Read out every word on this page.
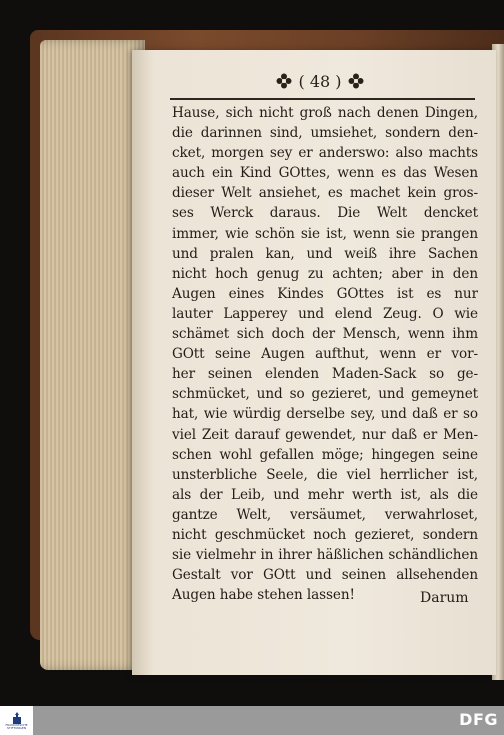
( 48 )
Hause, sich nicht groß nach denen Dingen,
die darinnen sind, umsiehet, sondern den-
cket, morgen sey er anderswo: also machts
auch ein Kind GOttes, wenn es das Wesen
dieser Welt ansiehet, es machet kein gros-
ses Werck daraus. Die Welt dencket
immer, wie schön sie ist, wenn sie prangen
und pralen kan, und weiß ihre Sachen
nicht hoch genug zu achten; aber in den
Augen eines Kindes GOttes ist es nur
lauter Lapperey und elend Zeug. O wie
schämet sich doch der Mensch, wenn ihm
GOtt seine Augen aufthut, wenn er vor-
her seinen elenden Maden-Sack so ge-
schmücket, und so gezieret, und gemeynet
hat, wie würdig derselbe sey, und daß er so
viel Zeit darauf gewendet, nur daß er Men-
schen wohl gefallen möge; hingegen seine
unsterbliche Seele, die viel herrlicher ist,
als der Leib, und mehr werth ist, als die
gantze Welt, versäumet, verwahrloset,
nicht geschmücket noch gezieret, sondern
sie vielmehr in ihrer häßlichen schändlichen
Gestalt vor GOtt und seinen allsehenden
Augen habe stehen lassen!	Darum
FRANCKESCHE STIFTUNGEN	DFG
